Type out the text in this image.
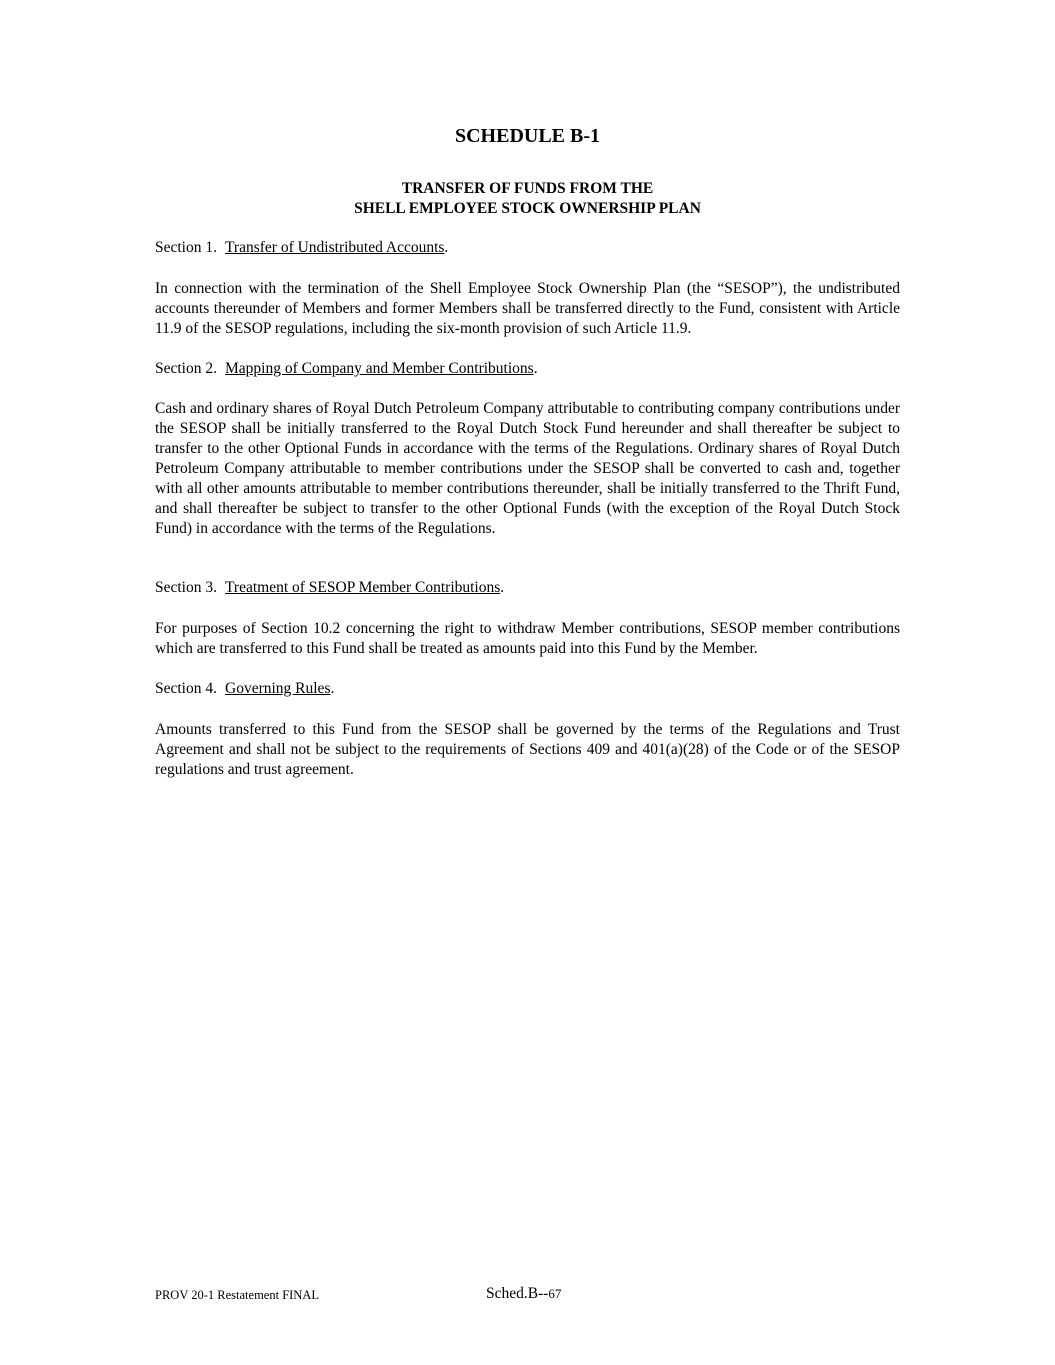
SCHEDULE B-1
TRANSFER OF FUNDS FROM THE
SHELL EMPLOYEE STOCK OWNERSHIP PLAN

Section 1. Transfer of Undistributed Accounts.

In connection with the termination of the Shell Employee Stock Ownership Plan (the “SESOP”), the undistributed accounts thereunder of Members and former Members shall be transferred directly to the Fund, consistent with Article 11.9 of the SESOP regulations, including the six-month provision of such Article 11.9.

Section 2. Mapping of Company and Member Contributions.

Cash and ordinary shares of Royal Dutch Petroleum Company attributable to contributing company contributions under the SESOP shall be initially transferred to the Royal Dutch Stock Fund hereunder and shall thereafter be subject to transfer to the other Optional Funds in accordance with the terms of the Regulations. Ordinary shares of Royal Dutch Petroleum Company attributable to member contributions under the SESOP shall be converted to cash and, together with all other amounts attributable to member contributions thereunder, shall be initially transferred to the Thrift Fund, and shall thereafter be subject to transfer to the other Optional Funds (with the exception of the Royal Dutch Stock Fund) in accordance with the terms of the Regulations.

Section 3. Treatment of SESOP Member Contributions.

For purposes of Section 10.2 concerning the right to withdraw Member contributions, SESOP member contributions which are transferred to this Fund shall be treated as amounts paid into this Fund by the Member.

Section 4. Governing Rules.

Amounts transferred to this Fund from the SESOP shall be governed by the terms of the Regulations and Trust Agreement and shall not be subject to the requirements of Sections 409 and 401(a)(28) of the Code or of the SESOP regulations and trust agreement.

PROV 20-1 Restatement FINAL	Sched.B--67
